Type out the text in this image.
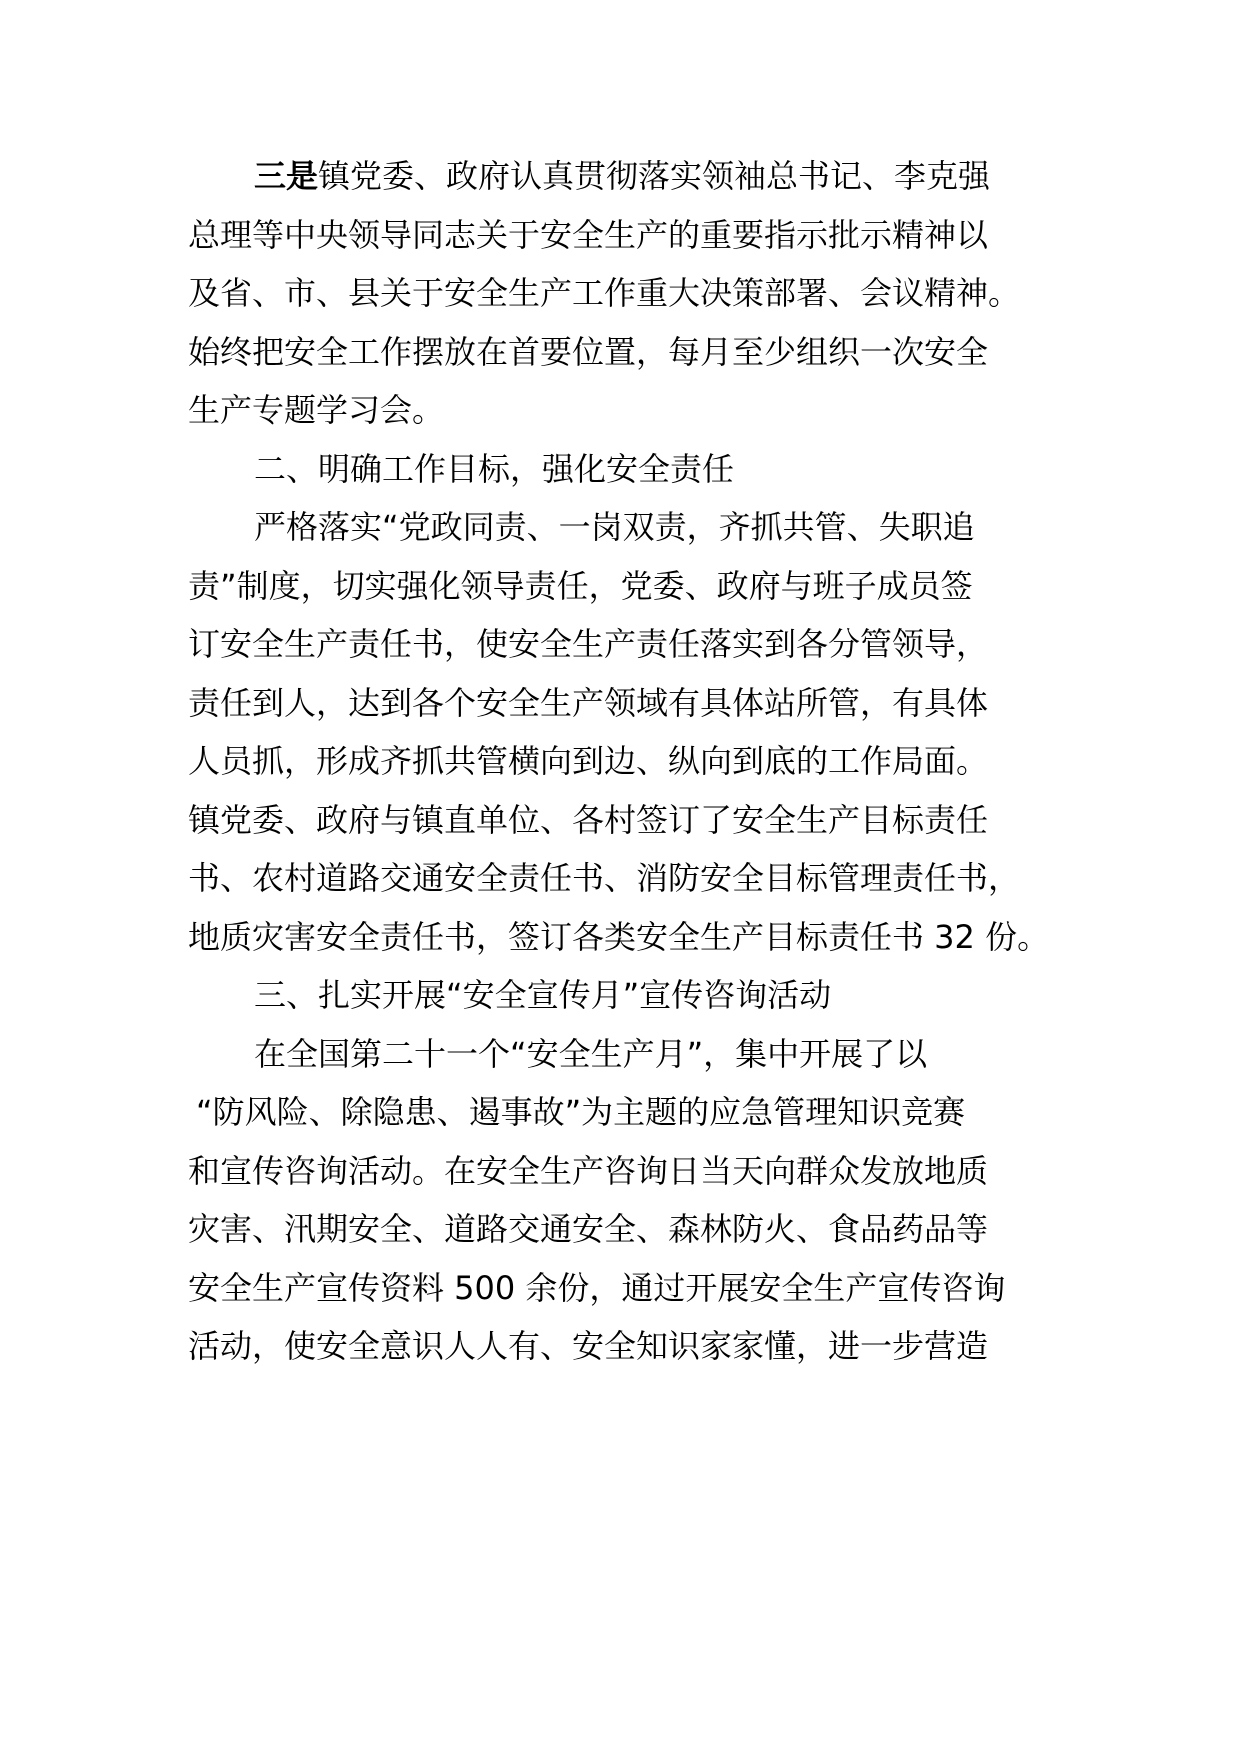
三是镇党委、政府认真贯彻落实领袖总书记、李克强
总理等中央领导同志关于安全生产的重要指示批示精神以
及省、市、县关于安全生产工作重大决策部署、会议精神。
始终把安全工作摆放在首要位置，每月至少组织一次安全
生产专题学习会。
二、明确工作目标，强化安全责任
严格落实“党政同责、一岗双责，齐抓共管、失职追
责”制度，切实强化领导责任，党委、政府与班子成员签
订安全生产责任书，使安全生产责任落实到各分管领导，
责任到人，达到各个安全生产领域有具体站所管，有具体
人员抓，形成齐抓共管横向到边、纵向到底的工作局面。
镇党委、政府与镇直单位、各村签订了安全生产目标责任
书、农村道路交通安全责任书、消防安全目标管理责任书，
地质灾害安全责任书，签订各类安全生产目标责任书 32 份。
三、扎实开展“安全宣传月”宣传咨询活动
在全国第二十一个“安全生产月”，集中开展了以
“防风险、除隐患、遏事故”为主题的应急管理知识竞赛
和宣传咨询活动。在安全生产咨询日当天向群众发放地质
灾害、汛期安全、道路交通安全、森林防火、食品药品等
安全生产宣传资料 500 余份，通过开展安全生产宣传咨询
活动，使安全意识人人有、安全知识家家懂，进一步营造
